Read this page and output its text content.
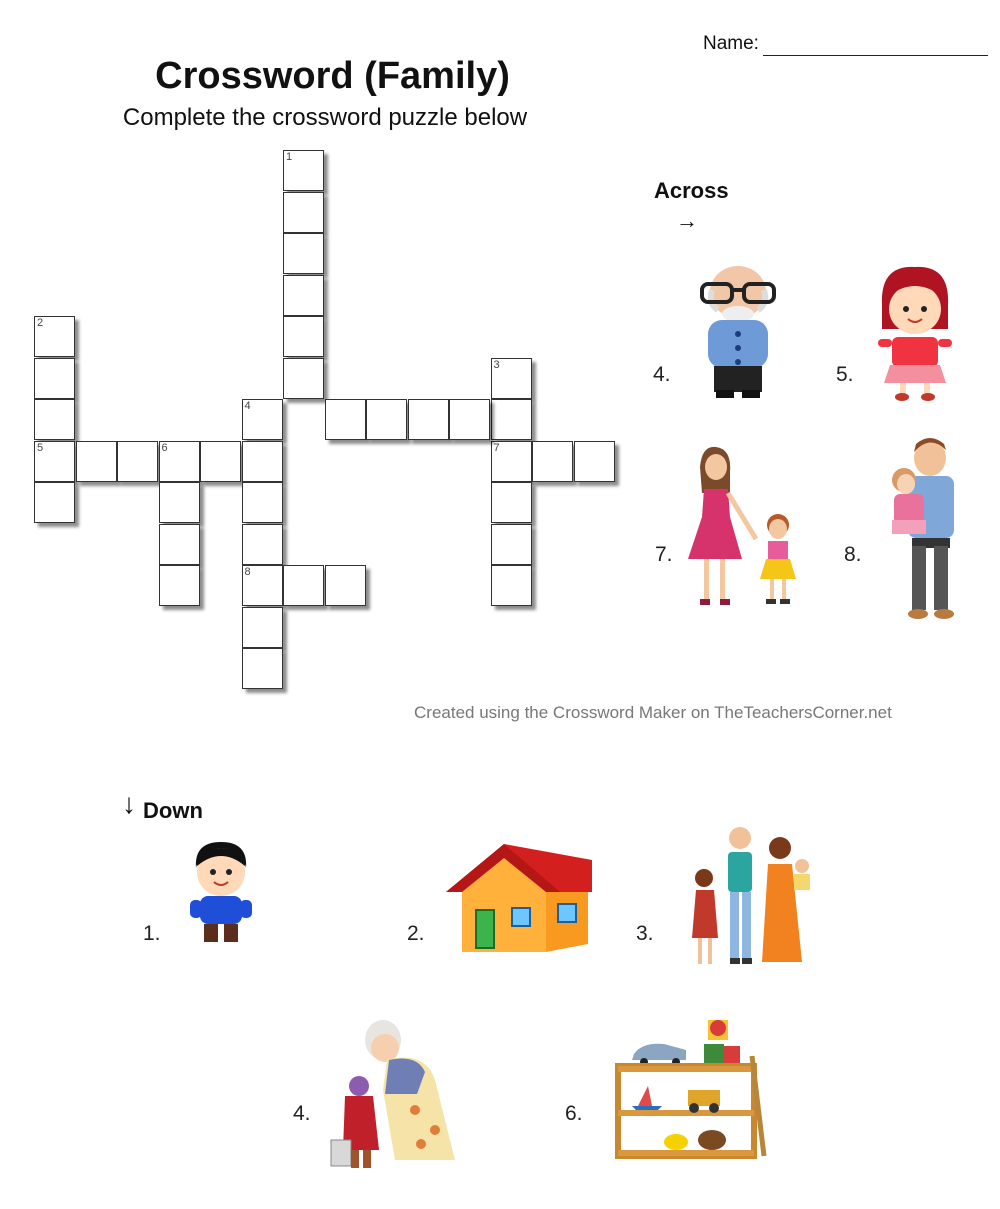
Name:
Crossword (Family)
Complete the crossword puzzle below
1
2
5
3
7
4
6
8
Across
→
4.	5.
7.	8.
Created using the Crossword Maker on TheTeachersCorner.net
↓ Down
1.	2.	3.
4.	6.
